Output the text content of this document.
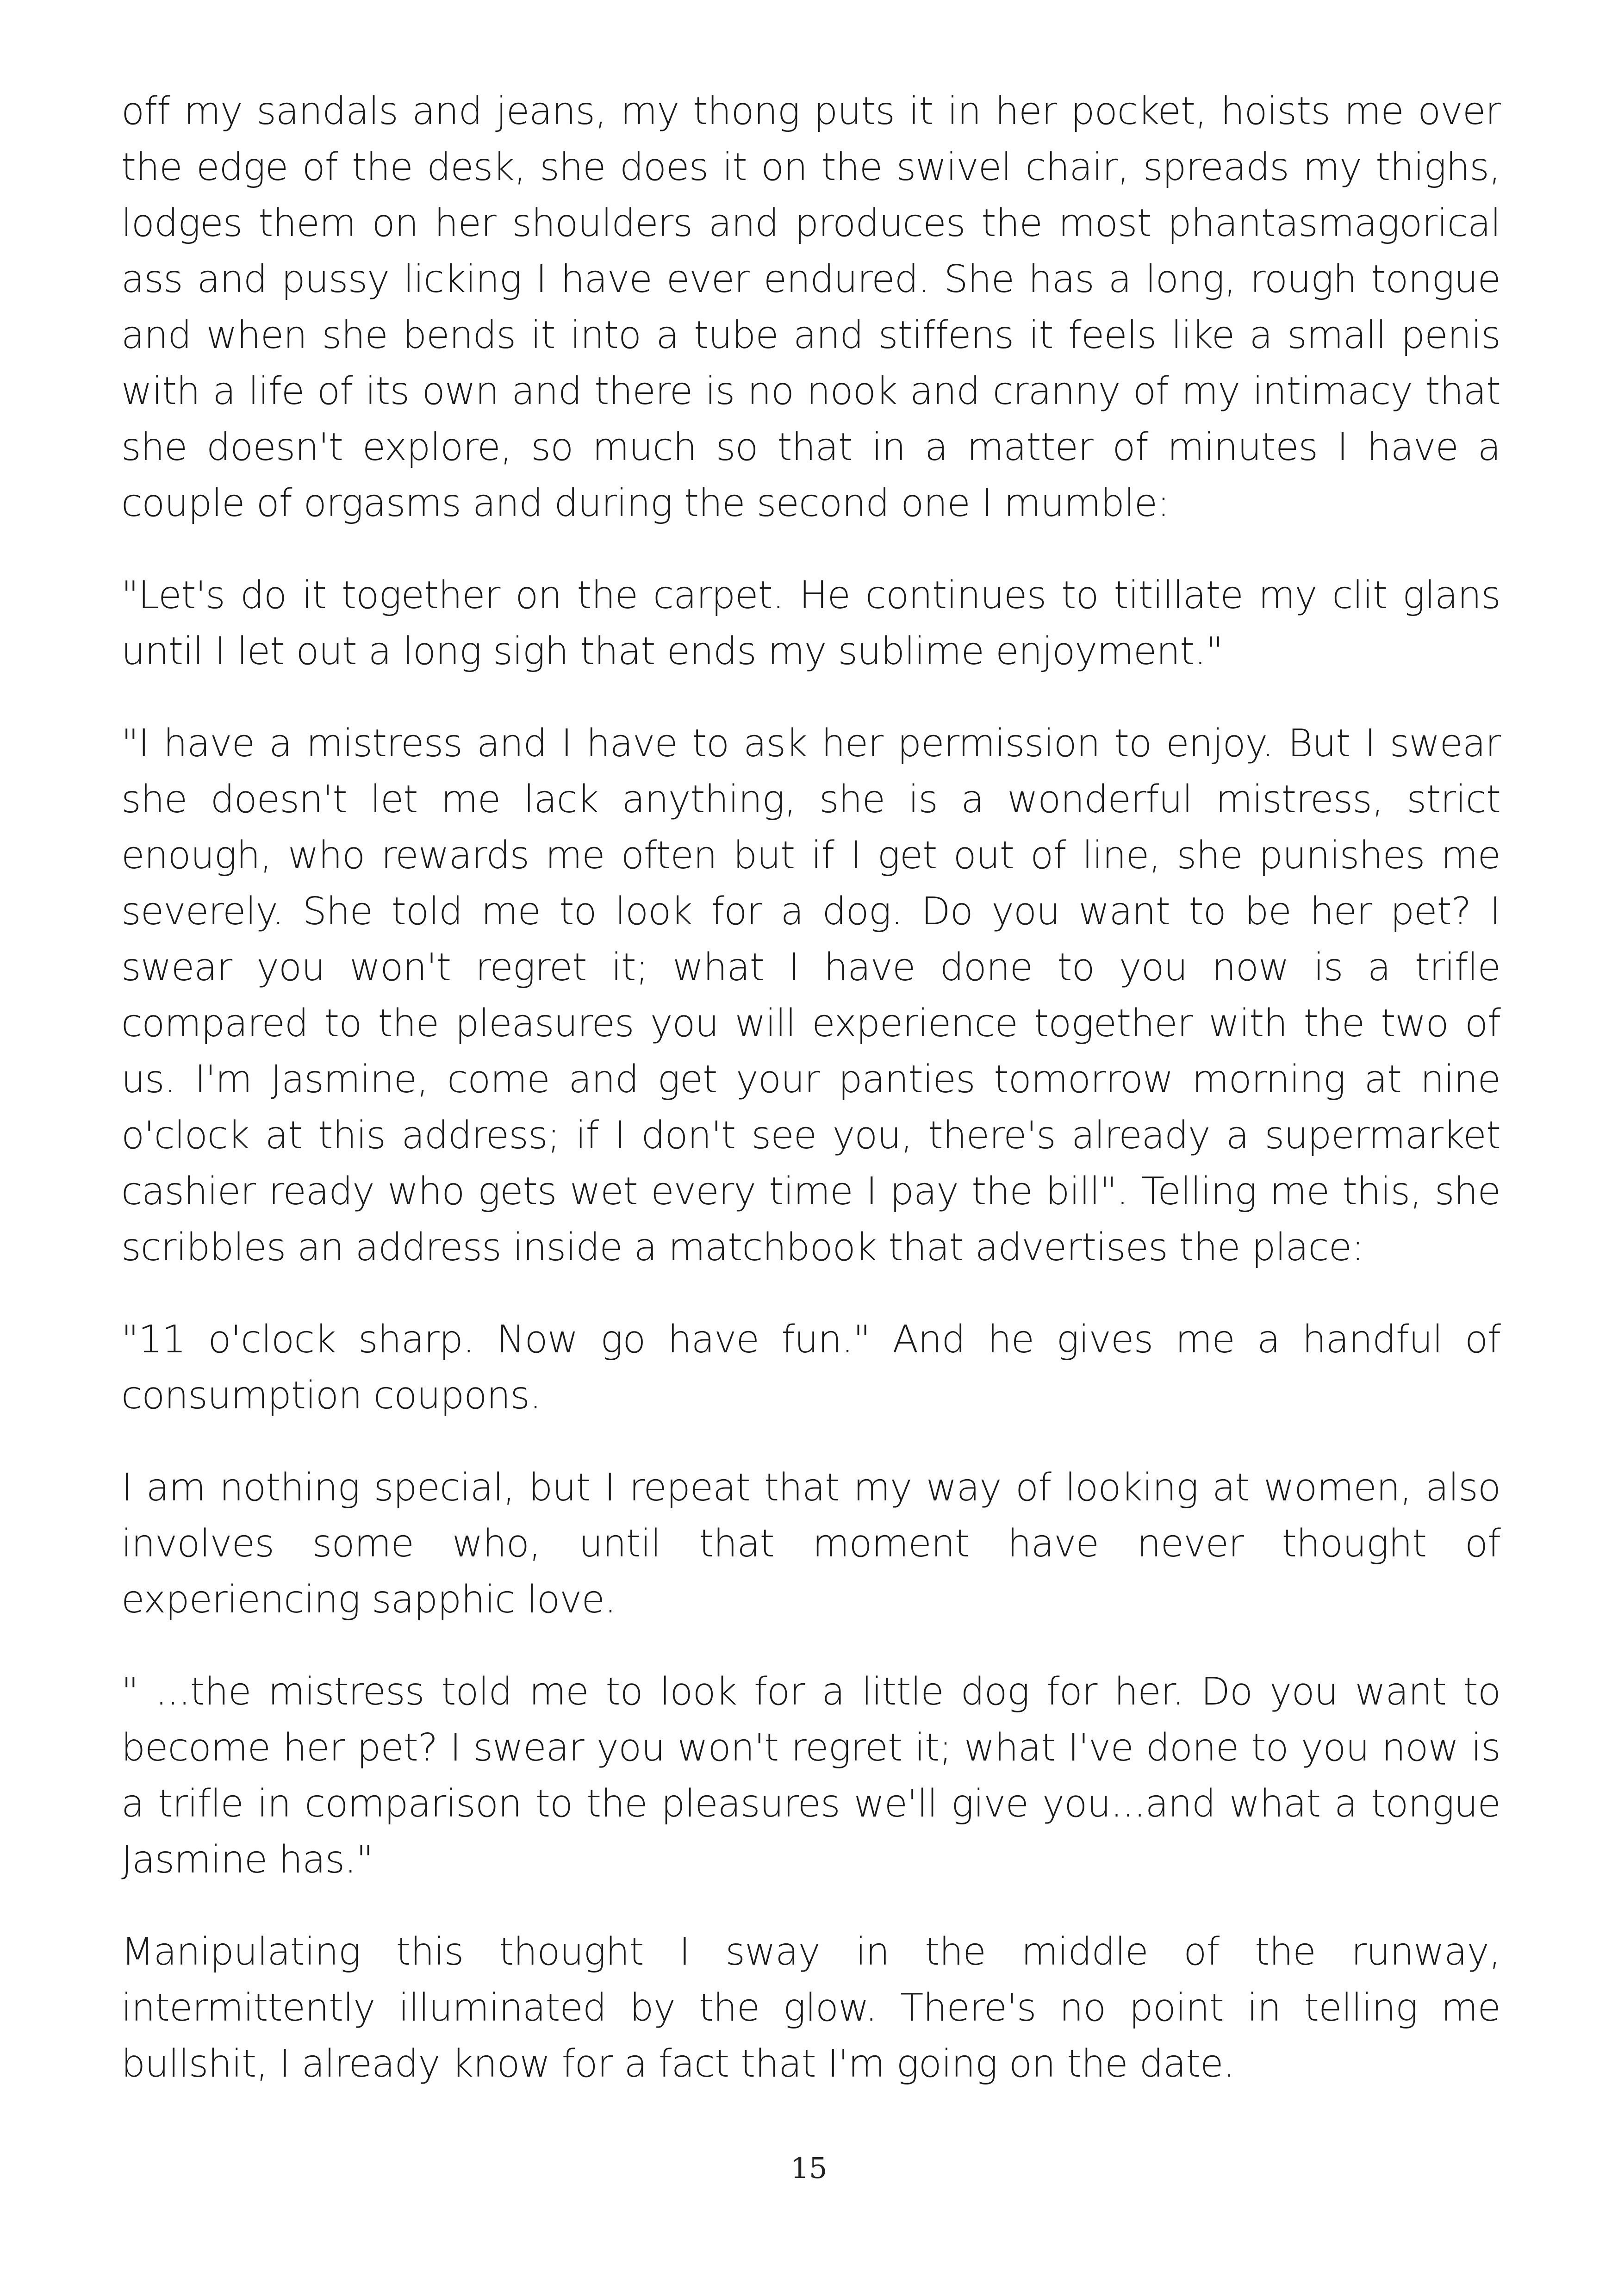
off my sandals and jeans, my thong puts it in her pocket, hoists me over the edge of the desk, she does it on the swivel chair, spreads my thighs, lodges them on her shoulders and produces the most phantasmagorical ass and pussy licking I have ever endured. She has a long, rough tongue and when she bends it into a tube and stiffens it feels like a small penis with a life of its own and there is no nook and cranny of my intimacy that she doesn't explore, so much so that in a matter of minutes I have a couple of orgasms and during the second one I mumble:

"Let's do it together on the carpet. He continues to titillate my clit glans until I let out a long sigh that ends my sublime enjoyment."

"I have a mistress and I have to ask her permission to enjoy. But I swear she doesn't let me lack anything, she is a wonderful mistress, strict enough, who rewards me often but if I get out of line, she punishes me severely. She told me to look for a dog. Do you want to be her pet? I swear you won't regret it; what I have done to you now is a trifle compared to the pleasures you will experience together with the two of us. I'm Jasmine, come and get your panties tomorrow morning at nine o'clock at this address; if I don't see you, there's already a supermarket cashier ready who gets wet every time I pay the bill". Telling me this, she scribbles an address inside a matchbook that advertises the place:

"11 o'clock sharp. Now go have fun." And he gives me a handful of consumption coupons.

I am nothing special, but I repeat that my way of looking at women, also involves some who, until that moment have never thought of experiencing sapphic love.

" ...the mistress told me to look for a little dog for her. Do you want to become her pet? I swear you won't regret it; what I've done to you now is a trifle in comparison to the pleasures we'll give you...and what a tongue Jasmine has."

Manipulating this thought I sway in the middle of the runway, intermittently illuminated by the glow. There's no point in telling me bullshit, I already know for a fact that I'm going on the date.

15
